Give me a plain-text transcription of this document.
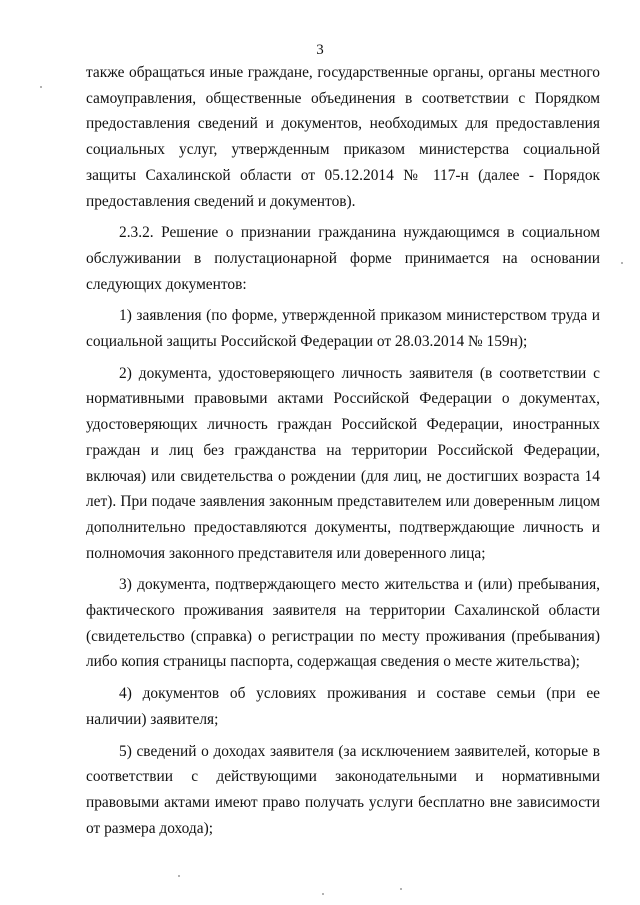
3

также обращаться иные граждане, государственные органы, органы местного самоуправления, общественные объединения в соответствии с Порядком предоставления сведений и документов, необходимых для предоставления социальных услуг, утвержденным приказом министерства социальной защиты Сахалинской области от 05.12.2014 № 117-н (далее - Порядок предоставления сведений и документов).

2.3.2. Решение о признании гражданина нуждающимся в социальном обслуживании в полустационарной форме принимается на основании следующих документов:

1) заявления (по форме, утвержденной приказом министерством труда и социальной защиты Российской Федерации от 28.03.2014 № 159н);

2) документа, удостоверяющего личность заявителя (в соответствии с нормативными правовыми актами Российской Федерации о документах, удостоверяющих личность граждан Российской Федерации, иностранных граждан и лиц без гражданства на территории Российской Федерации, включая) или свидетельства о рождении (для лиц, не достигших возраста 14 лет). При подаче заявления законным представителем или доверенным лицом дополнительно предоставляются документы, подтверждающие личность и полномочия законного представителя или доверенного лица;

3) документа, подтверждающего место жительства и (или) пребывания, фактического проживания заявителя на территории Сахалинской области (свидетельство (справка) о регистрации по месту проживания (пребывания) либо копия страницы паспорта, содержащая сведения о месте жительства);

4) документов об условиях проживания и составе семьи (при ее наличии) заявителя;

5) сведений о доходах заявителя (за исключением заявителей, которые в соответствии с действующими законодательными и нормативными правовыми актами имеют право получать услуги бесплатно вне зависимости от размера дохода);
